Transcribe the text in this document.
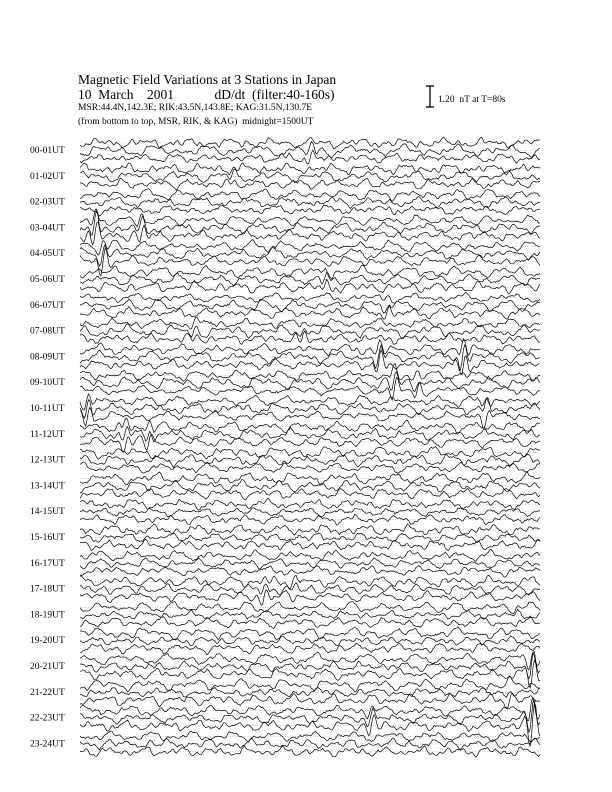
Magnetic Field Variations at 3 Stations in Japan
10  March    2001            dD/dt  (filter:40-160s)
MSR:44.4N,142.3E; RIK:43.5N,143.8E; KAG:31.5N,130.7E
(from bottom to top, MSR, RIK, & KAG)  midnight=1500UT
00-01UT
01-02UT
02-03UT
03-04UT
04-05UT
05-06UT
06-07UT
07-08UT
08-09UT
09-10UT
10-11UT
11-12UT
12-13UT
13-14UT
14-15UT
15-16UT
16-17UT
17-18UT
18-19UT
19-20UT
20-21UT
21-22UT
22-23UT
23-24UT
1.20  nT at T=80s
